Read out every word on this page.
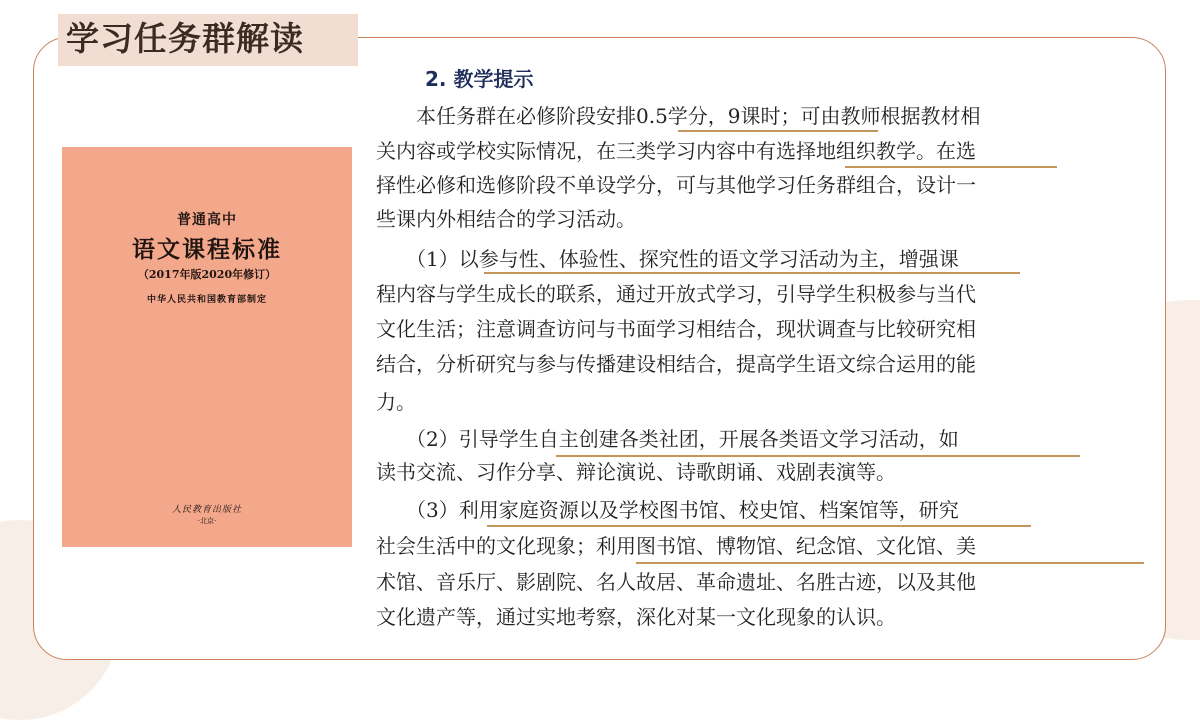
学习任务群解读
普通高中
语文课程标准
（2017年版2020年修订）
中华人民共和国教育部制定
人民教育出版社
·北京·
2. 教学提示
　　本任务群在必修阶段安排0.5学分，9课时；可由教师根据教材相
关内容或学校实际情况，在三类学习内容中有选择地组织教学。在选
择性必修和选修阶段不单设学分，可与其他学习任务群组合，设计一
些课内外相结合的学习活动。
　　（1）以参与性、体验性、探究性的语文学习活动为主，增强课
程内容与学生成长的联系，通过开放式学习，引导学生积极参与当代
文化生活；注意调查访问与书面学习相结合，现状调查与比较研究相
结合，分析研究与参与传播建设相结合，提高学生语文综合运用的能
力。
　　（2）引导学生自主创建各类社团，开展各类语文学习活动，如
读书交流、习作分享、辩论演说、诗歌朗诵、戏剧表演等。
　　（3）利用家庭资源以及学校图书馆、校史馆、档案馆等，研究
社会生活中的文化现象；利用图书馆、博物馆、纪念馆、文化馆、美
术馆、音乐厅、影剧院、名人故居、革命遗址、名胜古迹，以及其他
文化遗产等，通过实地考察，深化对某一文化现象的认识。
